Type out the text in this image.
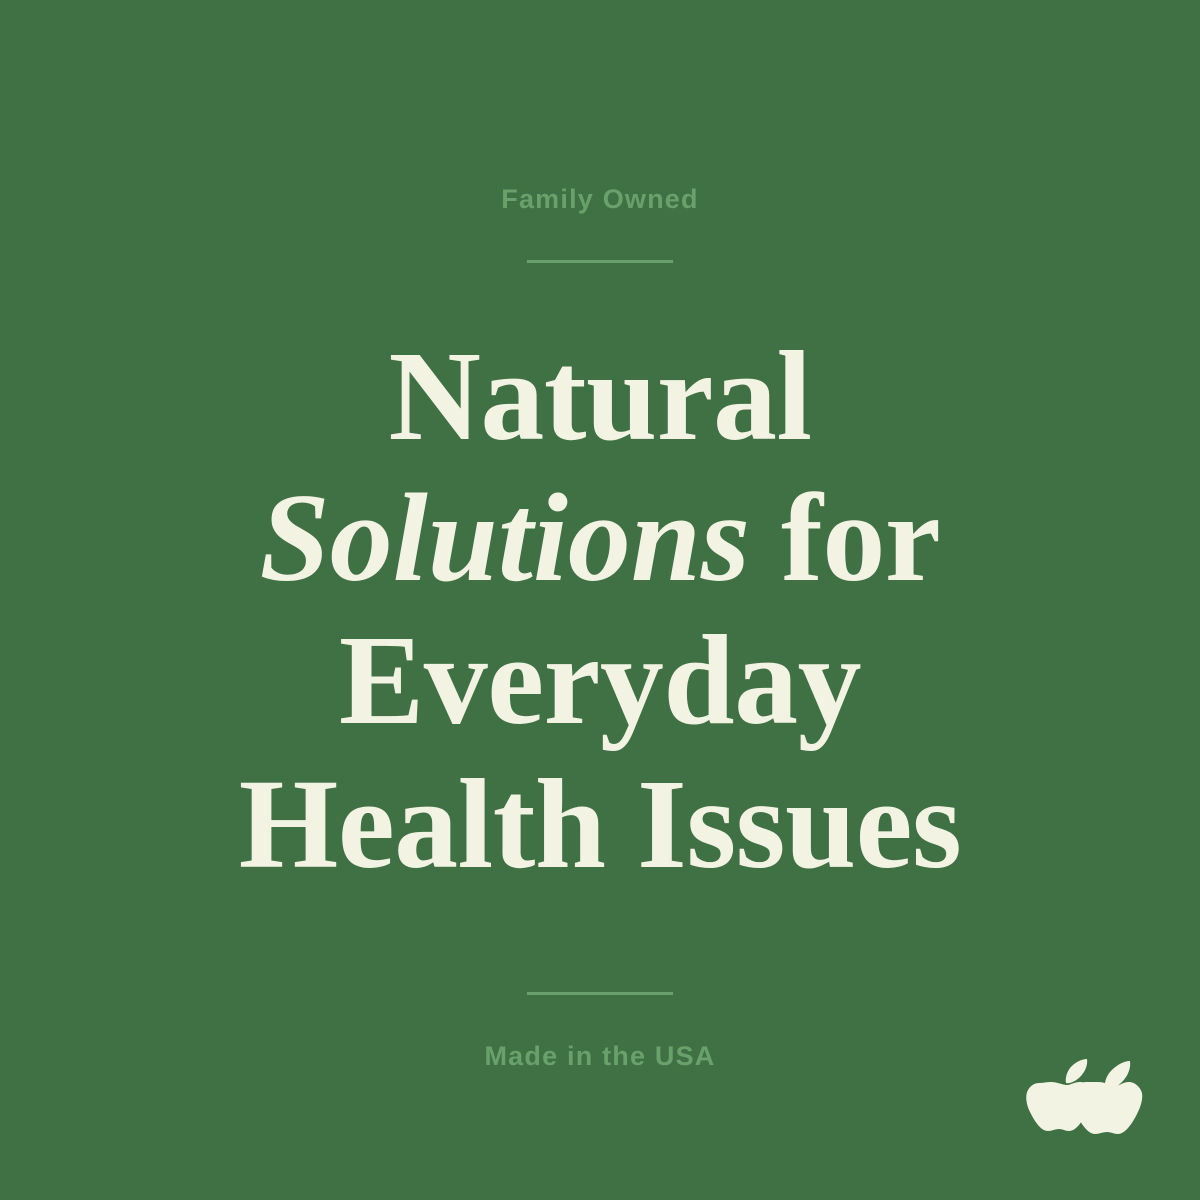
Family Owned
Natural
Solutions for
Everyday
Health Issues
Made in the USA
